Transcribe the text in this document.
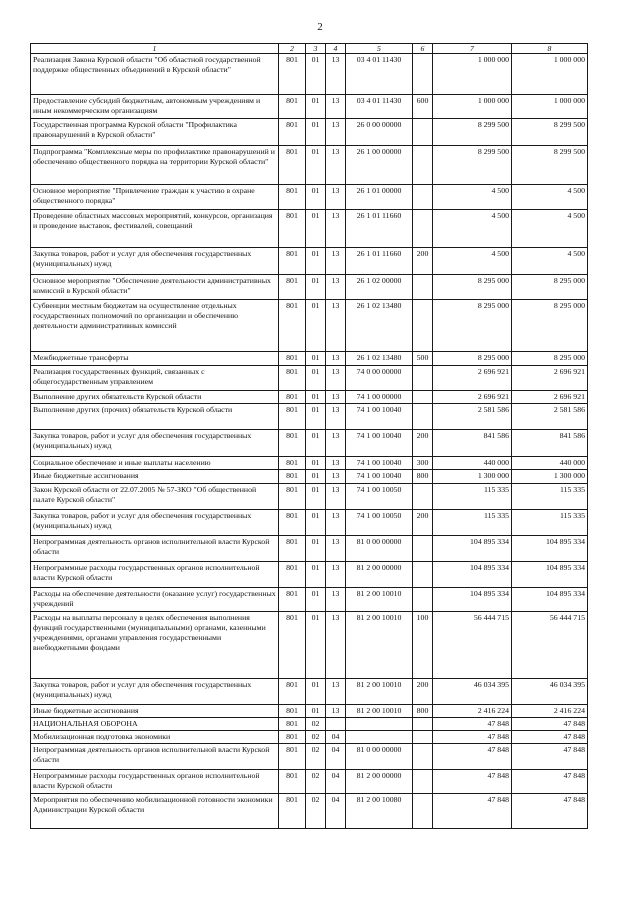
2
1	2	3	4	5	6	7	8
Реализация Закона Курской области "Об областной государственной поддержке общественных объединений в Курской области"	801	01	13	03 4 01 11430		1 000 000	1 000 000
Предоставление субсидий бюджетным, автономным учреждениям и иным некоммерческим организациям	801	01	13	03 4 01 11430	600	1 000 000	1 000 000
Государственная программа Курской области "Профилактика правонарушений в Курской области"	801	01	13	26 0 00 00000		8 299 500	8 299 500
Подпрограмма "Комплексные меры по профилактике правонарушений и обеспечению общественного порядка на территории Курской области"	801	01	13	26 1 00 00000		8 299 500	8 299 500
Основное мероприятие "Привлечение граждан к участию в охране общественного порядка"	801	01	13	26 1 01 00000		4 500	4 500
Проведение областных массовых мероприятий, конкурсов, организация и проведение выставок, фестивалей, совещаний	801	01	13	26 1 01 11660		4 500	4 500
Закупка товаров, работ и услуг для обеспечения государственных (муниципальных) нужд	801	01	13	26 1 01 11660	200	4 500	4 500
Основное мероприятие "Обеспечение деятельности административных комиссий в Курской области"	801	01	13	26 1 02 00000		8 295 000	8 295 000
Субвенции местным бюджетам на осуществление отдельных государственных полномочий по организации и обеспечению деятельности административных комиссий	801	01	13	26 1 02 13480		8 295 000	8 295 000
Межбюджетные трансферты	801	01	13	26 1 02 13480	500	8 295 000	8 295 000
Реализация государственных функций, связанных с общегосударственным управлением	801	01	13	74 0 00 00000		2 696 921	2 696 921
Выполнение других обязательств Курской области	801	01	13	74 1 00 00000		2 696 921	2 696 921
Выполнение других (прочих) обязательств Курской области	801	01	13	74 1 00 10040		2 581 586	2 581 586
Закупка товаров, работ и услуг для обеспечения государственных (муниципальных) нужд	801	01	13	74 1 00 10040	200	841 586	841 586
Социальное обеспечение и иные выплаты населению	801	01	13	74 1 00 10040	300	440 000	440 000
Иные бюджетные ассигнования	801	01	13	74 1 00 10040	800	1 300 000	1 300 000
Закон Курской области от 22.07.2005 № 57-ЗКО "Об общественной палате Курской области"	801	01	13	74 1 00 10050		115 335	115 335
Закупка товаров, работ и услуг для обеспечения государственных (муниципальных) нужд	801	01	13	74 1 00 10050	200	115 335	115 335
Непрограммная деятельность органов исполнительной власти Курской области	801	01	13	81 0 00 00000		104 895 334	104 895 334
Непрограммные расходы государственных органов исполнительной власти Курской области	801	01	13	81 2 00 00000		104 895 334	104 895 334
Расходы на обеспечение деятельности (оказание услуг) государственных учреждений	801	01	13	81 2 00 10010		104 895 334	104 895 334
Расходы на выплаты персоналу в целях обеспечения выполнения функций государственными (муниципальными) органами, казенными учреждениями, органами управления государственными внебюджетными фондами	801	01	13	81 2 00 10010	100	56 444 715	56 444 715
Закупка товаров, работ и услуг для обеспечения государственных (муниципальных) нужд	801	01	13	81 2 00 10010	200	46 034 395	46 034 395
Иные бюджетные ассигнования	801	01	13	81 2 00 10010	800	2 416 224	2 416 224
НАЦИОНАЛЬНАЯ ОБОРОНА	801	02				47 848	47 848
Мобилизационная подготовка экономики	801	02	04			47 848	47 848
Непрограммная деятельность органов исполнительной власти Курской области	801	02	04	81 0 00 00000		47 848	47 848
Непрограммные расходы государственных органов исполнительной власти Курской области	801	02	04	81 2 00 00000		47 848	47 848
Мероприятия по обеспечению мобилизационной готовности экономики Администрации Курской области	801	02	04	81 2 00 10080		47 848	47 848
